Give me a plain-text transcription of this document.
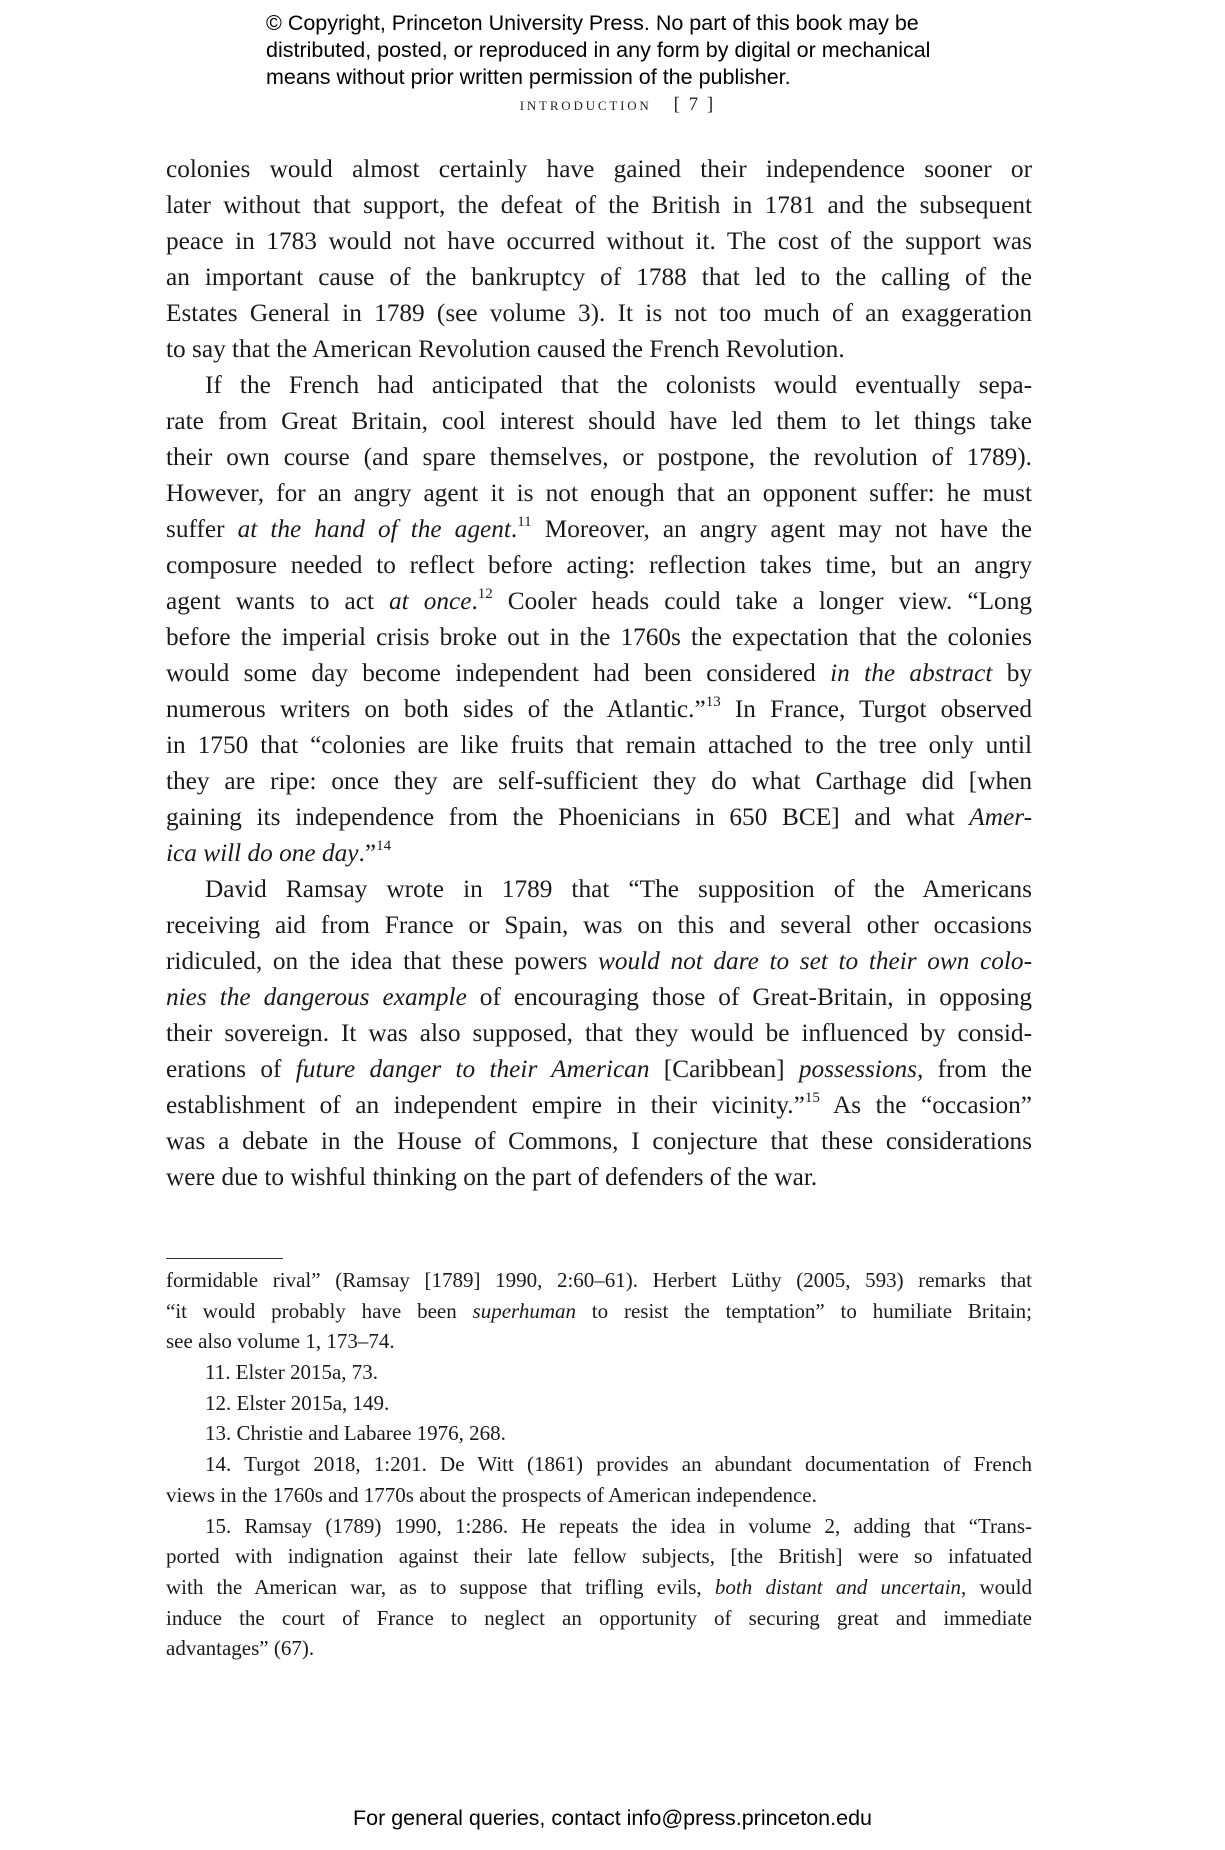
© Copyright, Princeton University Press. No part of this book may be
distributed, posted, or reproduced in any form by digital or mechanical
means without prior written permission of the publisher.
introduction [ 7 ]
colonies would almost certainly have gained their independence sooner or
later without that support, the defeat of the British in 1781 and the subsequent
peace in 1783 would not have occurred without it. The cost of the support was
an important cause of the bankruptcy of 1788 that led to the calling of the
Estates General in 1789 (see volume 3). It is not too much of an exaggeration
to say that the American Revolution caused the French Revolution.
If the French had anticipated that the colonists would eventually sepa-
rate from Great Britain, cool interest should have led them to let things take
their own course (and spare themselves, or postpone, the revolution of 1789).
However, for an angry agent it is not enough that an opponent suffer: he must
suffer at the hand of the agent.$^{11}$ Moreover, an angry agent may not have the
composure needed to reflect before acting: reflection takes time, but an angry
agent wants to act at once.$^{12}$ Cooler heads could take a longer view. “Long
before the imperial crisis broke out in the 1760s the expectation that the colonies
would some day become independent had been considered in the abstract by
numerous writers on both sides of the Atlantic.”$^{13}$ In France, Turgot observed
in 1750 that “colonies are like fruits that remain attached to the tree only until
they are ripe: once they are self-sufficient they do what Carthage did [when
gaining its independence from the Phoenicians in 650 BCE] and what Amer-
ica will do one day.”$^{14}$
David Ramsay wrote in 1789 that “The supposition of the Americans
receiving aid from France or Spain, was on this and several other occasions
ridiculed, on the idea that these powers would not dare to set to their own colo-
nies the dangerous example of encouraging those of Great-Britain, in opposing
their sovereign. It was also supposed, that they would be influenced by consid-
erations of future danger to their American [Caribbean] possessions, from the
establishment of an independent empire in their vicinity.”$^{15}$ As the “occasion”
was a debate in the House of Commons, I conjecture that these considerations
were due to wishful thinking on the part of defenders of the war.
formidable rival” (Ramsay [1789] 1990, 2:60–61). Herbert Lüthy (2005, 593) remarks that
“it would probably have been superhuman to resist the temptation” to humiliate Britain;
see also volume 1, 173–74.
11. Elster 2015a, 73.
12. Elster 2015a, 149.
13. Christie and Labaree 1976, 268.
14. Turgot 2018, 1:201. De Witt (1861) provides an abundant documentation of French
views in the 1760s and 1770s about the prospects of American independence.
15. Ramsay (1789) 1990, 1:286. He repeats the idea in volume 2, adding that “Trans-
ported with indignation against their late fellow subjects, [the British] were so infatuated
with the American war, as to suppose that trifling evils, both distant and uncertain, would
induce the court of France to neglect an opportunity of securing great and immediate
advantages” (67).
For general queries, contact info@press.princeton.edu
